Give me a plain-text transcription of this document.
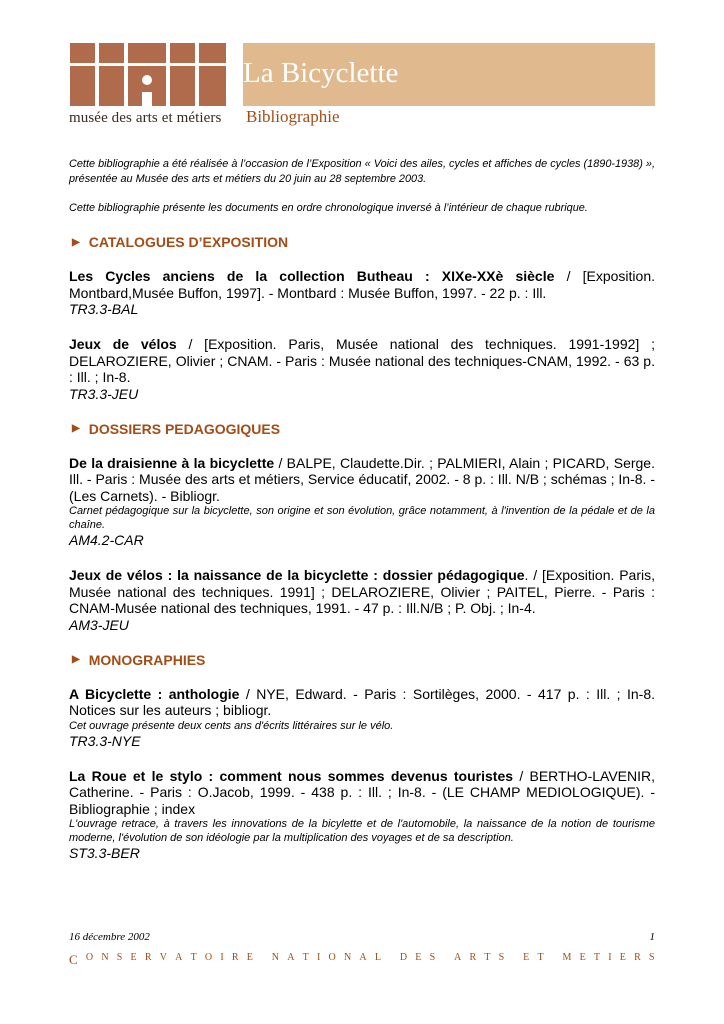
musée des arts et métiers
La Bicyclette
Bibliographie

Cette bibliographie a été réalisée à l’occasion de l’Exposition « Voici des ailes, cycles et affiches de cycles (1890-1938) », présentée au Musée des arts et métiers du 20 juin au 28 septembre 2003.

Cette bibliographie présente les documents en ordre chronologique inversé à l’intérieur de chaque rubrique.

▶ CATALOGUES D’EXPOSITION

Les Cycles anciens de la collection Butheau : XIXe-XXè siècle / [Exposition. Montbard,Musée Buffon, 1997]. - Montbard : Musée Buffon, 1997. - 22 p. : Ill.

TR3.3-BAL

Jeux de vélos / [Exposition. Paris, Musée national des techniques. 1991-1992] ; DELAROZIERE, Olivier ; CNAM. - Paris : Musée national des techniques-CNAM, 1992. - 63 p. : Ill. ; In-8.

TR3.3-JEU

▶ DOSSIERS PEDAGOGIQUES

De la draisienne à la bicyclette / BALPE, Claudette.Dir. ; PALMIERI, Alain ; PICARD, Serge. Ill. - Paris : Musée des arts et métiers, Service éducatif, 2002. - 8 p. : Ill. N/B ; schémas ; In-8. - (Les Carnets). - Bibliogr.

Carnet pédagogique sur la bicyclette, son origine et son évolution, grâce notamment, à l'invention de la pédale et de la chaîne.

AM4.2-CAR

Jeux de vélos : la naissance de la bicyclette : dossier pédagogique. / [Exposition. Paris, Musée national des techniques. 1991] ; DELAROZIERE, Olivier ; PAITEL, Pierre. - Paris : CNAM-Musée national des techniques, 1991. - 47 p. : Ill.N/B ; P. Obj. ; In-4.

AM3-JEU

▶ MONOGRAPHIES

A Bicyclette : anthologie / NYE, Edward. - Paris : Sortilèges, 2000. - 417 p. : Ill. ; In-8. Notices sur les auteurs ; bibliogr.

Cet ouvrage présente deux cents ans d'écrits littéraires sur le vélo.

TR3.3-NYE

La Roue et le stylo : comment nous sommes devenus touristes / BERTHO-LAVENIR, Catherine. - Paris : O.Jacob, 1999. - 438 p. : Ill. ; In-8. - (LE CHAMP MEDIOLOGIQUE). - Bibliographie ; index

L'ouvrage retrace, à travers les innovations de la bicylette et de l'automobile, la naissance de la notion de tourisme moderne, l'évolution de son idéologie par la multiplication des voyages et de sa description.

ST3.3-BER

16 décembre 2002	1
C O N S E R V A T O I R E
N A T I O N A L
D E S
A R T S
E T
M E T I E R S
